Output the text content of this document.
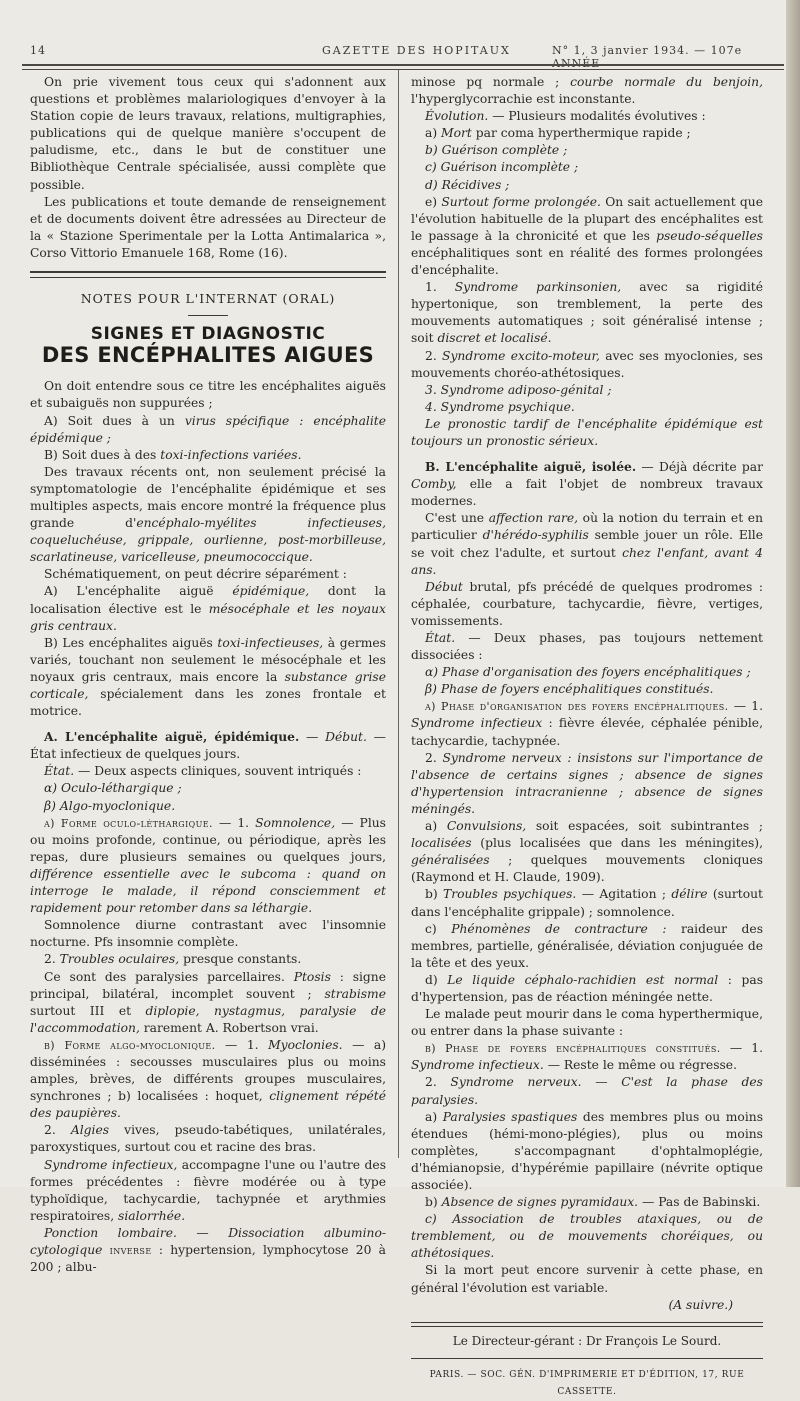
14	GAZETTE DES HOPITAUX	N° 1, 3 janvier 1934. — 107e ANNÉE

On prie vivement tous ceux qui s'adonnent aux questions et problèmes malariologiques d'envoyer à la Station copie de leurs travaux, relations, multigraphies, publications qui de quelque manière s'occupent de paludisme, etc., dans le but de constituer une Bibliothèque Centrale spécialisée, aussi complète que possible.

Les publications et toute demande de renseignement et de documents doivent être adressées au Directeur de la « Stazione Sperimentale per la Lotta Antimalarica », Corso Vittorio Emanuele 168, Rome (16).

NOTES POUR L'INTERNAT (ORAL)

SIGNES ET DIAGNOSTIC

DES ENCÉPHALITES AIGUES

On doit entendre sous ce titre les encéphalites aiguës et subaiguës non suppurées ;

A) Soit dues à un virus spécifique : encéphalite épidémique ;

B) Soit dues à des toxi-infections variées.

Des travaux récents ont, non seulement précisé la symptomatologie de l'encéphalite épidémique et ses multiples aspects, mais encore montré la fréquence plus grande d'encéphalo-myélites infectieuses, coqueluchéuse, grippale, ourlienne, post-morbilleuse, scarlatineuse, varicelleuse, pneumococcique.

Schématiquement, on peut décrire séparément :

A) L'encéphalite aiguë épidémique, dont la localisation élective est le mésocéphale et les noyaux gris centraux.

B) Les encéphalites aiguës toxi-infectieuses, à germes variés, touchant non seulement le mésocéphale et les noyaux gris centraux, mais encore la substance grise corticale, spécialement dans les zones frontale et motrice.

A. L'encéphalite aiguë, épidémique. — Début. — État infectieux de quelques jours.

État. — Deux aspects cliniques, souvent intriqués :

α) Oculo-léthargique ;

β) Algo-myoclonique.

α) Forme oculo-léthargique. — 1. Somnolence, — Plus ou moins profonde, continue, ou périodique, après les repas, dure plusieurs semaines ou quelques jours, différence essentielle avec le subcoma : quand on interroge le malade, il répond consciemment et rapidement pour retomber dans sa léthargie.

Somnolence diurne contrastant avec l'insomnie nocturne. Pfs insomnie complète.

2. Troubles oculaires, presque constants.

Ce sont des paralysies parcellaires. Ptosis : signe principal, bilatéral, incomplet souvent ; strabisme surtout III et diplopie, nystagmus, paralysie de l'accommodation, rarement A. Robertson vrai.

β) Forme algo-myoclonique. — 1. Myoclonies. — a) disséminées : secousses musculaires plus ou moins amples, brèves, de différents groupes musculaires, synchrones ; b) localisées : hoquet, clignement répété des paupières.

2. Algies vives, pseudo-tabétiques, unilatérales, paroxystiques, surtout cou et racine des bras.

Syndrome infectieux, accompagne l'une ou l'autre des formes précédentes : fièvre modérée ou à type typhoïdique, tachycardie, tachypnée et arythmies respiratoires, sialorrhée.

Ponction lombaire. — Dissociation albumino-cytologique inverse : hypertension, lymphocytose 20 à 200 ; albu-

minose pq normale ; courbe normale du benjoin, l'hyperglycorrachie est inconstante.

Évolution. — Plusieurs modalités évolutives :

a) Mort par coma hyperthermique rapide ;

b) Guérison complète ;

c) Guérison incomplète ;

d) Récidives ;

e) Surtout forme prolongée. On sait actuellement que l'évolution habituelle de la plupart des encéphalites est le passage à la chronicité et que les pseudo-séquelles encéphalitiques sont en réalité des formes prolongées d'encéphalite.

1. Syndrome parkinsonien, avec sa rigidité hypertonique, son tremblement, la perte des mouvements automatiques ; soit généralisé intense ; soit discret et localisé.

2. Syndrome excito-moteur, avec ses myoclonies, ses mouvements choréo-athétosiques.

3. Syndrome adiposo-génital ;

4. Syndrome psychique.

Le pronostic tardif de l'encéphalite épidémique est toujours un pronostic sérieux.

B. L'encéphalite aiguë, isolée. — Déjà décrite par Comby, elle a fait l'objet de nombreux travaux modernes.

C'est une affection rare, où la notion du terrain et en particulier d'hérédo-syphilis semble jouer un rôle. Elle se voit chez l'adulte, et surtout chez l'enfant, avant 4 ans.

Début brutal, pfs précédé de quelques prodromes : céphalée, courbature, tachycardie, fièvre, vertiges, vomissements.

État. — Deux phases, pas toujours nettement dissociées :

α) Phase d'organisation des foyers encéphalitiques ;

β) Phase de foyers encéphalitiques constitués.

α) Phase d'organisation des foyers encéphalitiques. — 1. Syndrome infectieux : fièvre élevée, céphalée pénible, tachycardie, tachypnée.

2. Syndrome nerveux : insistons sur l'importance de l'absence de certains signes ; absence de signes d'hypertension intracranienne ; absence de signes méningés.

a) Convulsions, soit espacées, soit subintrantes ; localisées (plus localisées que dans les méningites), généralisées ; quelques mouvements cloniques (Raymond et H. Claude, 1909).

b) Troubles psychiques. — Agitation ; délire (surtout dans l'encéphalite grippale) ; somnolence.

c) Phénomènes de contracture : raideur des membres, partielle, généralisée, déviation conjuguée de la tête et des yeux.

d) Le liquide céphalo-rachidien est normal : pas d'hypertension, pas de réaction méningée nette.

Le malade peut mourir dans le coma hyperthermique, ou entrer dans la phase suivante :

β) Phase de foyers encéphalitiques constitués. — 1. Syndrome infectieux. — Reste le même ou régresse.

2. Syndrome nerveux. — C'est la phase des paralysies.

a) Paralysies spastiques des membres plus ou moins étendues (hémi-mono-plégies), plus ou moins complètes, s'accompagnant d'ophtalmoplégie, d'hémianopsie, d'hypérémie papillaire (névrite optique associée).

b) Absence de signes pyramidaux. — Pas de Babinski.

c) Association de troubles ataxiques, ou de tremblement, ou de mouvements choréiques, ou athétosiques.

Si la mort peut encore survenir à cette phase, en général l'évolution est variable.

(A suivre.)

Le Directeur-gérant : Dr François Le Sourd.

PARIS. — SOC. GÉN. D'IMPRIMERIE ET D'ÉDITION, 17, RUE CASSETTE.
